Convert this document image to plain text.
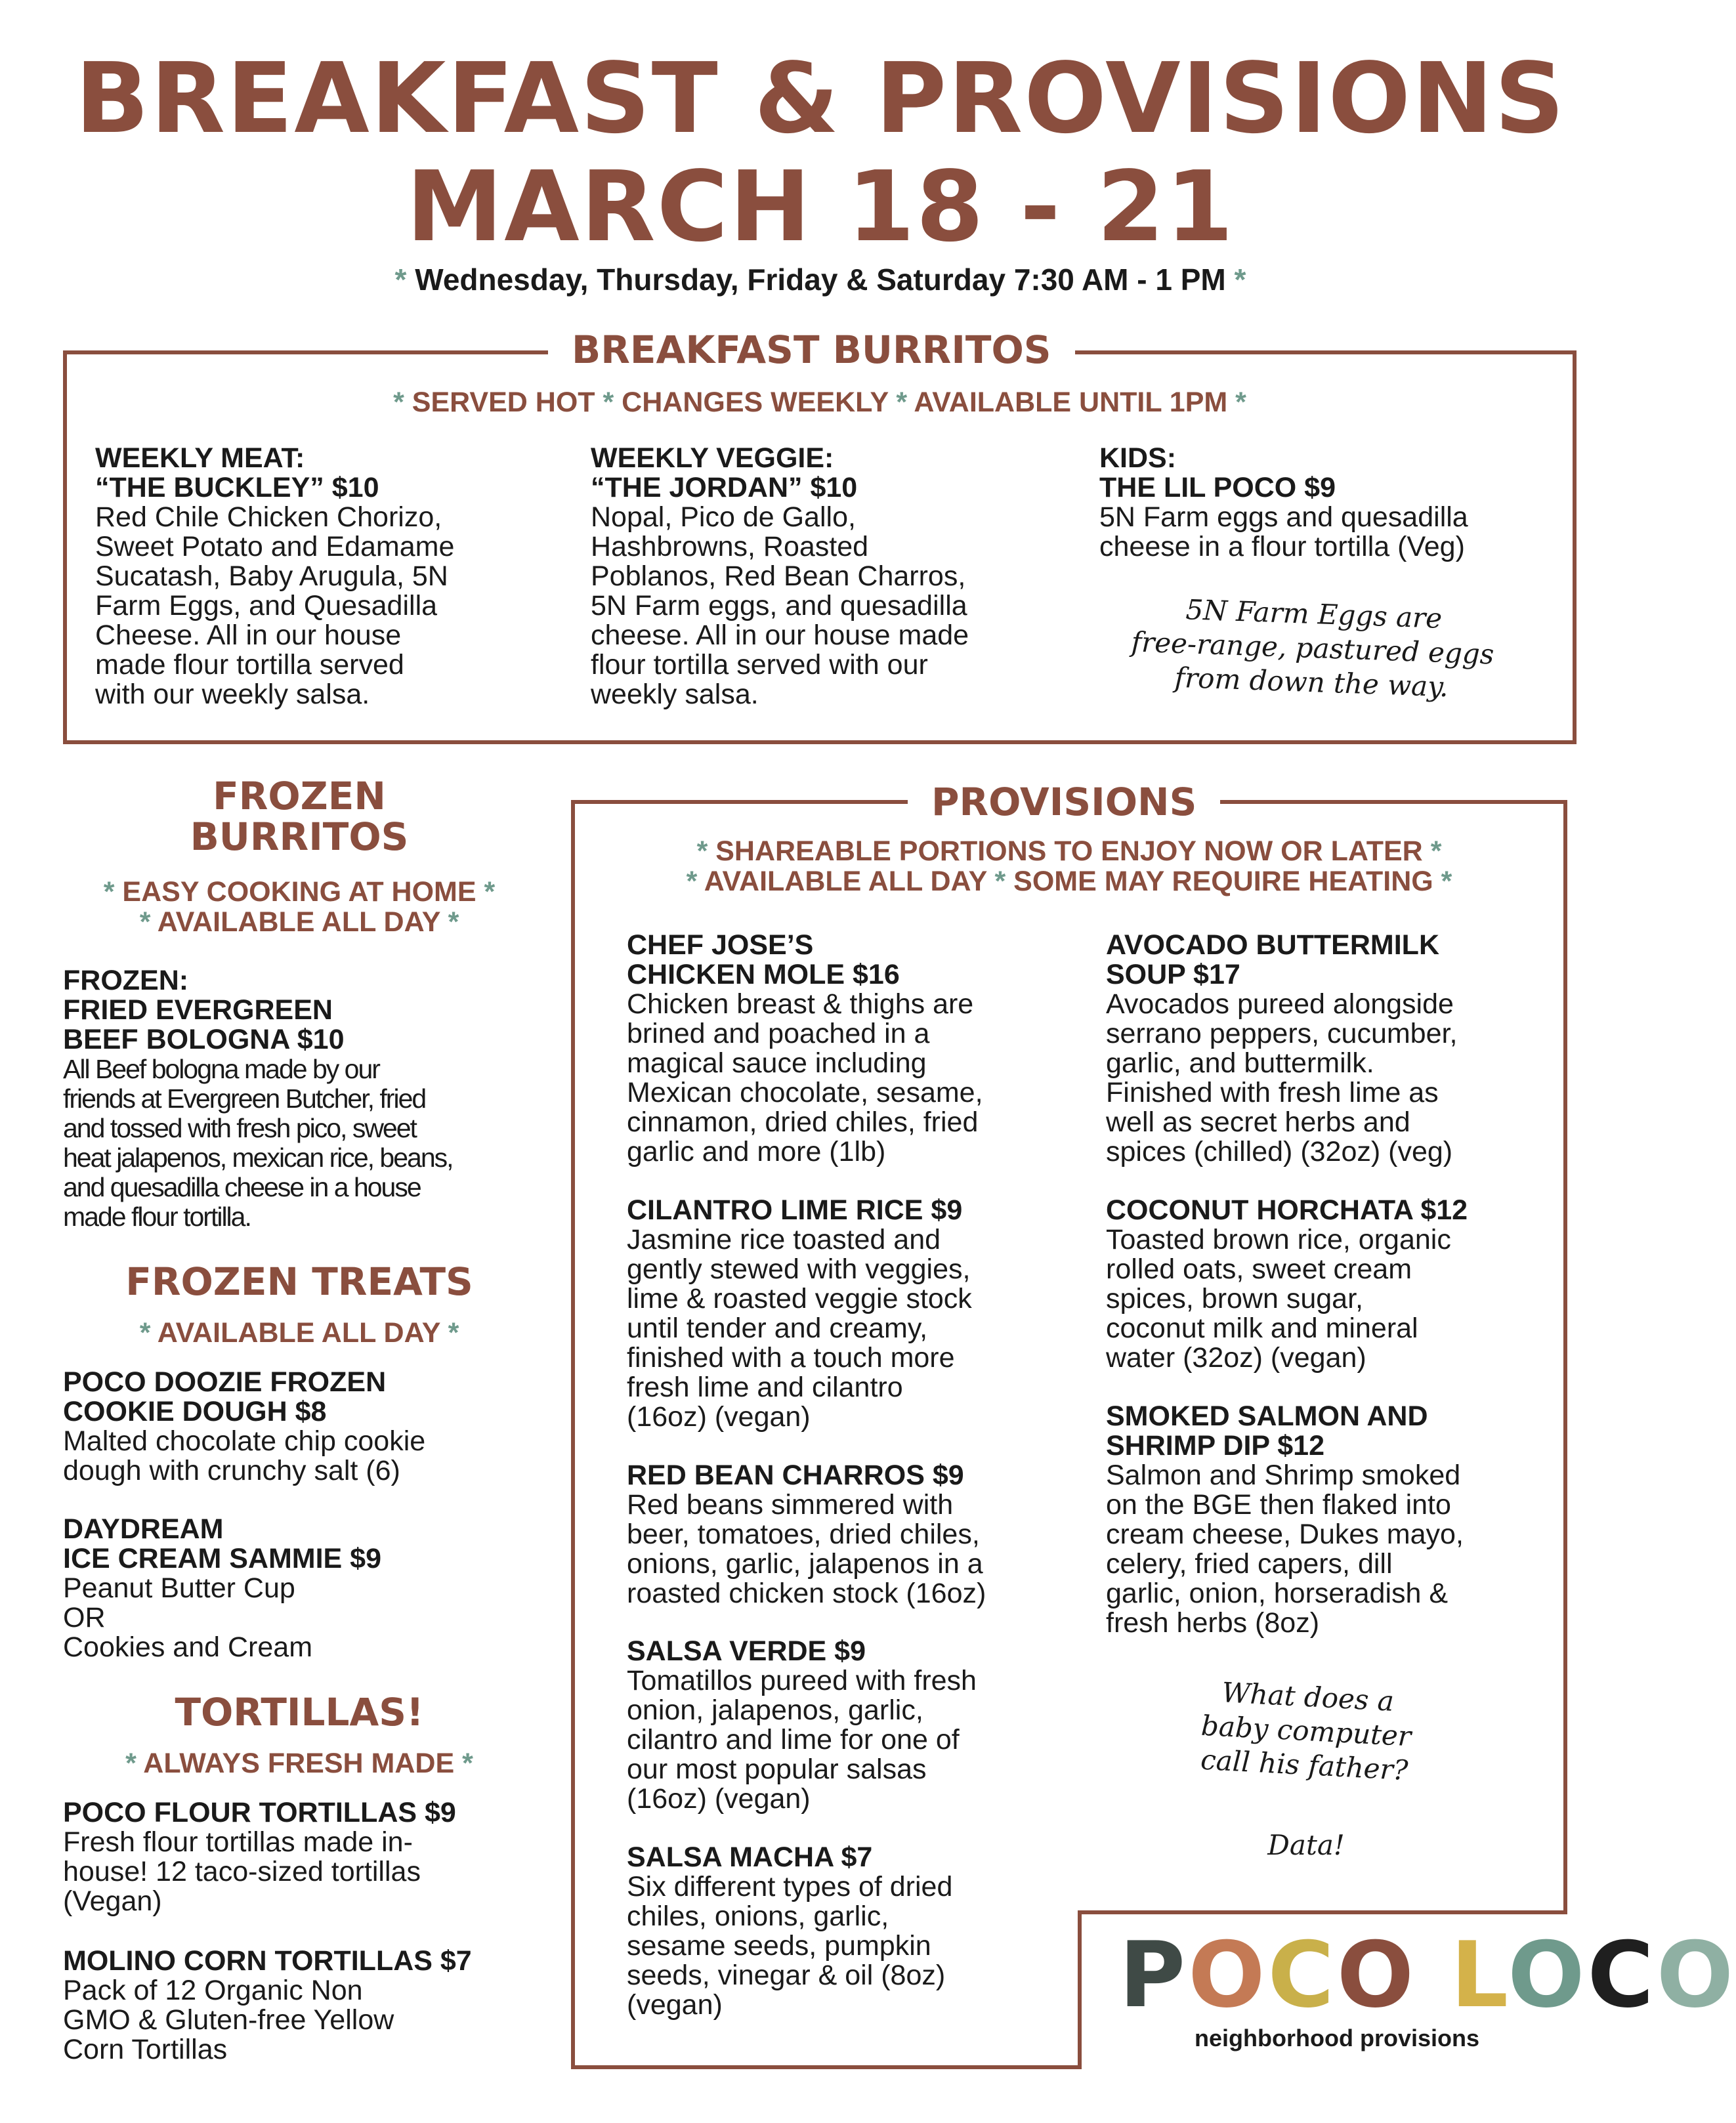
BREAKFAST & PROVISIONS
MARCH 18 - 21
* Wednesday, Thursday, Friday & Saturday 7:30 AM - 1 PM *
BREAKFAST BURRITOS
* SERVED HOT * CHANGES WEEKLY * AVAILABLE UNTIL 1PM *
WEEKLY MEAT:
“THE BUCKLEY” $10
Red Chile Chicken Chorizo,
Sweet Potato and Edamame
Sucatash, Baby Arugula, 5N
Farm Eggs, and Quesadilla
Cheese. All in our house
made flour tortilla served
with our weekly salsa.
WEEKLY VEGGIE:
“THE JORDAN” $10
Nopal, Pico de Gallo,
Hashbrowns, Roasted
Poblanos, Red Bean Charros,
5N Farm eggs, and quesadilla
cheese. All in our house made
flour tortilla served with our
weekly salsa.
KIDS:
THE LIL POCO $9
5N Farm eggs and quesadilla
cheese in a flour tortilla (Veg)
5N Farm Eggs are
free-range, pastured eggs
from down the way.
FROZEN
BURRITOS
* EASY COOKING AT HOME *
* AVAILABLE ALL DAY *
FROZEN:
FRIED EVERGREEN
BEEF BOLOGNA $10
All Beef bologna made by our
friends at Evergreen Butcher, fried
and tossed with fresh pico, sweet
heat jalapenos, mexican rice, beans,
and quesadilla cheese in a house
made flour tortilla.
FROZEN TREATS
* AVAILABLE ALL DAY *
POCO DOOZIE FROZEN
COOKIE DOUGH $8
Malted chocolate chip cookie
dough with crunchy salt (6)
DAYDREAM
ICE CREAM SAMMIE $9
Peanut Butter Cup
OR
Cookies and Cream
TORTILLAS!
* ALWAYS FRESH MADE *
POCO FLOUR TORTILLAS $9
Fresh flour tortillas made in-
house! 12 taco-sized tortillas
(Vegan)
MOLINO CORN TORTILLAS $7
Pack of 12 Organic Non
GMO & Gluten-free Yellow
Corn Tortillas
PROVISIONS
* SHAREABLE PORTIONS TO ENJOY NOW OR LATER *
* AVAILABLE ALL DAY * SOME MAY REQUIRE HEATING *
CHEF JOSE’S
CHICKEN MOLE $16
Chicken breast & thighs are
brined and poached in a
magical sauce including
Mexican chocolate, sesame,
cinnamon, dried chiles, fried
garlic and more (1lb)
CILANTRO LIME RICE $9
Jasmine rice toasted and
gently stewed with veggies,
lime & roasted veggie stock
until tender and creamy,
finished with a touch more
fresh lime and cilantro
(16oz) (vegan)
RED BEAN CHARROS $9
Red beans simmered with
beer, tomatoes, dried chiles,
onions, garlic, jalapenos in a
roasted chicken stock (16oz)
SALSA VERDE $9
Tomatillos pureed with fresh
onion, jalapenos, garlic,
cilantro and lime for one of
our most popular salsas
(16oz) (vegan)
SALSA MACHA $7
Six different types of dried
chiles, onions, garlic,
sesame seeds, pumpkin
seeds, vinegar & oil (8oz)
(vegan)
AVOCADO BUTTERMILK
SOUP $17
Avocados pureed alongside
serrano peppers, cucumber,
garlic, and buttermilk.
Finished with fresh lime as
well as secret herbs and
spices (chilled) (32oz) (veg)
COCONUT HORCHATA $12
Toasted brown rice, organic
rolled oats, sweet cream
spices, brown sugar,
coconut milk and mineral
water (32oz) (vegan)
SMOKED SALMON AND
SHRIMP DIP $12
Salmon and Shrimp smoked
on the BGE then flaked into
cream cheese, Dukes mayo,
celery, fried capers, dill
garlic, onion, horseradish &
fresh herbs (8oz)
What does a
baby computer
call his father?
Data!
POCO LOCO
neighborhood provisions
